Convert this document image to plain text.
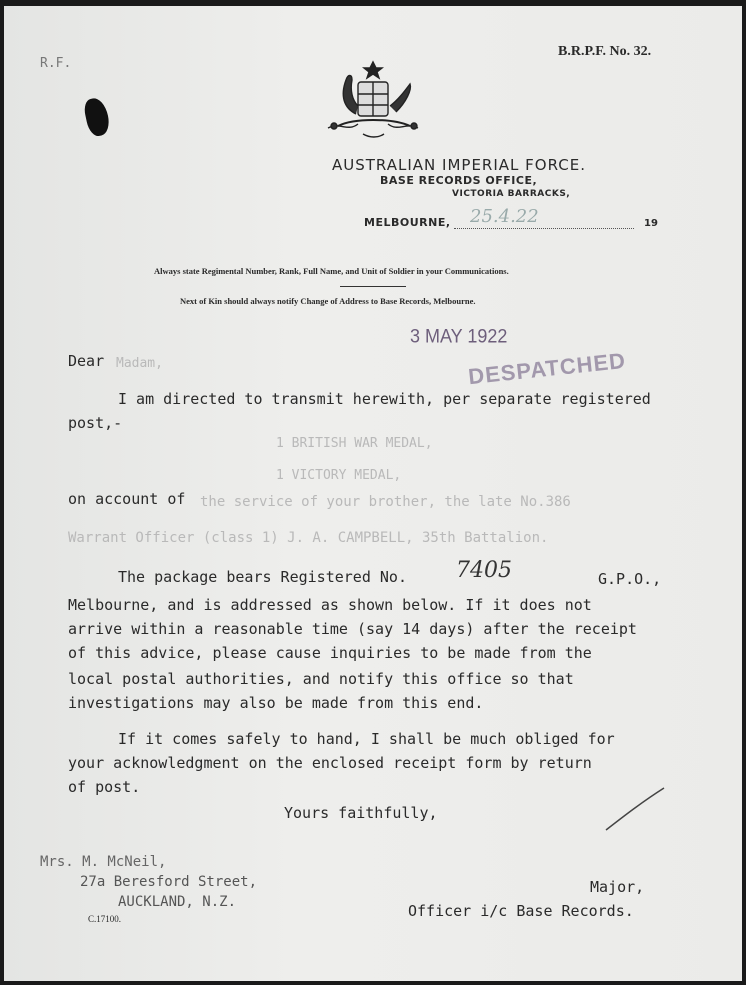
R.F.
B.R.P.F. No. 32.
AUSTRALIAN IMPERIAL FORCE.
BASE RECORDS OFFICE,
VICTORIA BARRACKS,
MELBOURNE, 25.4.22	19
Always state Regimental Number, Rank, Full Name, and Unit of Soldier in your Communications.
Next of Kin should always notify Change of Address to Base Records, Melbourne.
3 MAY 1922
DESPATCHED
Dear Madam,
I am directed to transmit herewith, per separate registered
post,-
1 BRITISH WAR MEDAL,
1 VICTORY MEDAL,
on account of the service of your brother, the late No.386
Warrant Officer (class 1) J. A. CAMPBELL, 35th Battalion.
The package bears Registered No. 7405	G.P.O.,
Melbourne, and is addressed as shown below. If it does not
arrive within a reasonable time (say 14 days) after the receipt
of this advice, please cause inquiries to be made from the
local postal authorities, and notify this office so that
investigations may also be made from this end.
If it comes safely to hand, I shall be much obliged for
your acknowledgment on the enclosed receipt form by return
of post.
Yours faithfully,
Mrs. M. McNeil,
27a Beresford Street,
AUCKLAND, N.Z.
Major,
Officer i/c Base Records.
C.17100.
